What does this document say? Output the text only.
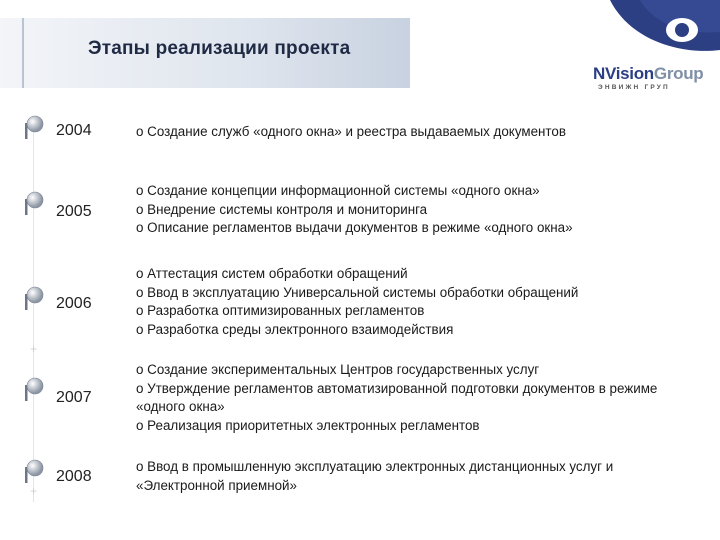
Этапы реализации проекта
NVisionGroup
ЭНВИЖН ГРУП
+
+
2004	o Создание служб «одного окна» и реестра выдаваемых документов
2005
o Создание концепции информационной системы «одного окна»
o Внедрение системы контроля и мониторинга
o Описание регламентов выдачи документов в режиме «одного окна»
2006
o Аттестация систем обработки обращений
o Ввод в эксплуатацию Универсальной системы обработки обращений
o Разработка оптимизированных регламентов
o Разработка среды электронного взаимодействия
2007
o Создание экспериментальных Центров государственных услуг
o Утверждение регламентов автоматизированной подготовки документов в режиме «одного окна»
o Реализация приоритетных электронных регламентов
2008
o Ввод в промышленную эксплуатацию электронных дистанционных услуг и «Электронной приемной»
